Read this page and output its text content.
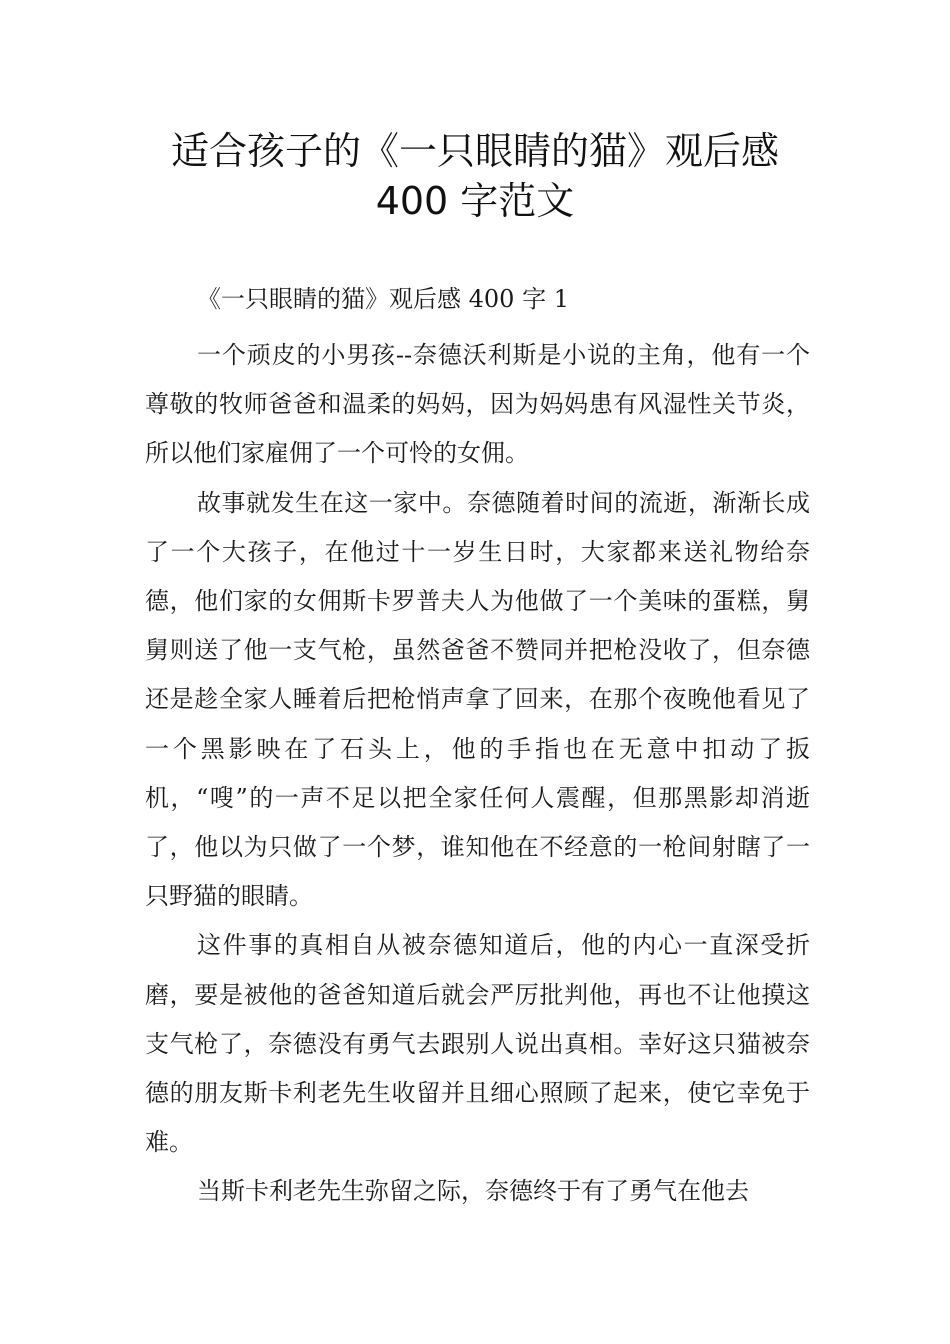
适合孩子的《一只眼睛的猫》观后感
400 字范文

《一只眼睛的猫》观后感 400 字 1

一个顽皮的小男孩--奈德沃利斯是小说的主角，他有一个尊敬的牧师爸爸和温柔的妈妈，因为妈妈患有风湿性关节炎，所以他们家雇佣了一个可怜的女佣。

故事就发生在这一家中。奈德随着时间的流逝，渐渐长成了一个大孩子，在他过十一岁生日时，大家都来送礼物给奈德，他们家的女佣斯卡罗普夫人为他做了一个美味的蛋糕，舅舅则送了他一支气枪，虽然爸爸不赞同并把枪没收了，但奈德还是趁全家人睡着后把枪悄声拿了回来，在那个夜晚他看见了一个黑影映在了石头上，他的手指也在无意中扣动了扳机，“嗖”的一声不足以把全家任何人震醒，但那黑影却消逝了，他以为只做了一个梦，谁知他在不经意的一枪间射瞎了一只野猫的眼睛。

这件事的真相自从被奈德知道后，他的内心一直深受折磨，要是被他的爸爸知道后就会严厉批判他，再也不让他摸这支气枪了，奈德没有勇气去跟别人说出真相。幸好这只猫被奈德的朋友斯卡利老先生收留并且细心照顾了起来，使它幸免于难。

当斯卡利老先生弥留之际，奈德终于有了勇气在他去
